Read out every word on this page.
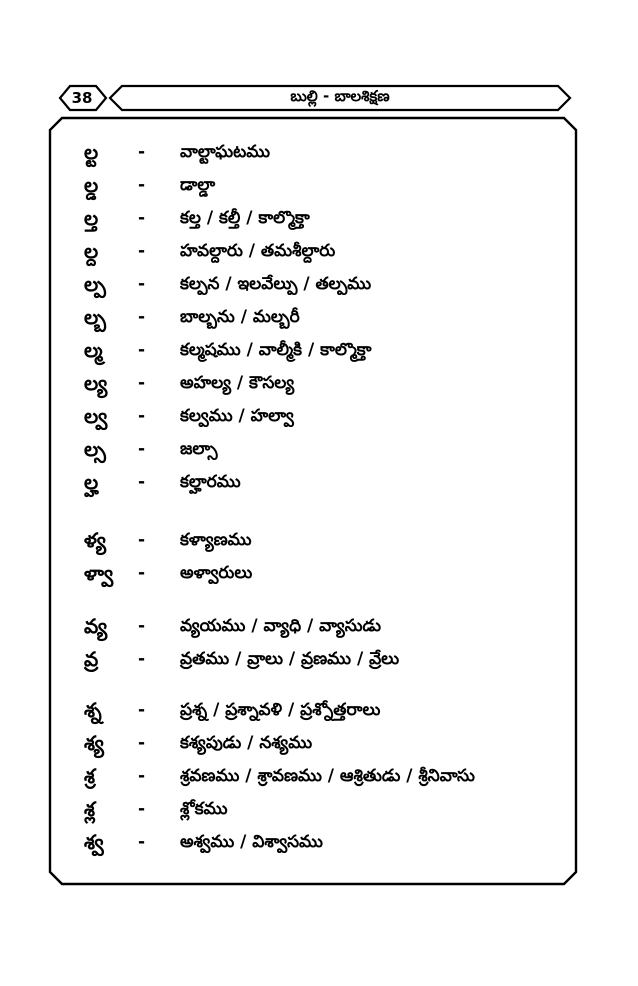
38	బుల్లి - బాలశిక్షణ
ల్ట - వాల్టాఘటము
ల్డ - డాల్డా
ల్త - కల్త / కల్తీ / కాల్మొక్తా
ల్ద - హవల్దారు / తమశీల్దారు
ల్ప - కల్పన / ఇలవేల్పు / తల్పము
ల్బ - బాల్బను / మల్బరీ
ల్మ - కల్మషము / వాల్మీకి / కాల్మొక్తా
ల్య - అహల్య / కౌసల్య
ల్వ - కల్వము / హల్వా
ల్స - జల్సా
ల్హ - కల్హారము
ళ్య - కళ్యాణము
ళ్వా - అళ్వారులు
వ్య - వ్యయము / వ్యాధి / వ్యాసుడు
వ్ర - వ్రతము / వ్రాలు / వ్రణము / వ్రేలు
శ్న - ప్రశ్న / ప్రశ్నావళి / ప్రశ్నోత్తరాలు
శ్య - కశ్యపుడు / నశ్యము
శ్ర	- శ్రవణము / శ్రావణము / ఆశ్రితుడు / శ్రీనివాసు
శ్ల	- శ్లోకము
శ్వ - అశ్వము / విశ్వాసము
